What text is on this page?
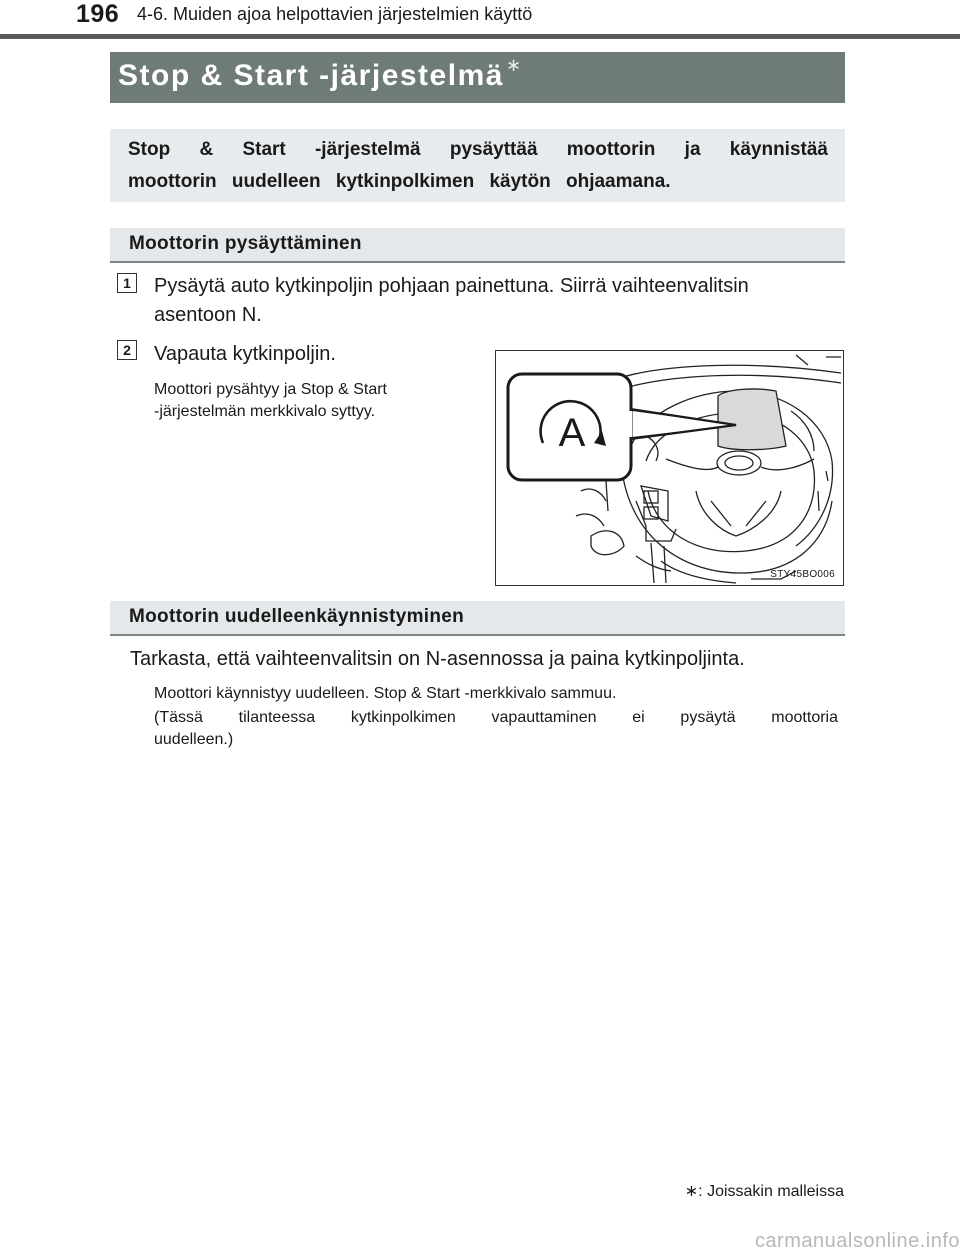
196 4-6. Muiden ajoa helpottavien järjestelmien käyttö
Stop & Start -järjestelmä ∗
Stop & Start -järjestelmä pysäyttää moottorin ja käynnistää moottorin uudelleen kytkinpolkimen käytön ohjaamana.
Moottorin pysäyttäminen
1	Pysäytä auto kytkinpoljin pohjaan painettuna. Siirrä vaihteenvalitsin
asentoon N.
2	Vapauta kytkinpoljin.
Moottori pysähtyy ja Stop & Start
-järjestelmän merkkivalo syttyy.	A
STY45BO006
Moottorin uudelleenkäynnistyminen
Tarkasta, että vaihteenvalitsin on N-asennossa ja paina kytkinpoljinta.
Moottori käynnistyy uudelleen. Stop & Start -merkkivalo sammuu.
(Tässä tilanteessa kytkinpolkimen vapauttaminen ei pysäytä moottoria
uudelleen.)
∗: Joissakin malleissa
carmanualsonline.info
